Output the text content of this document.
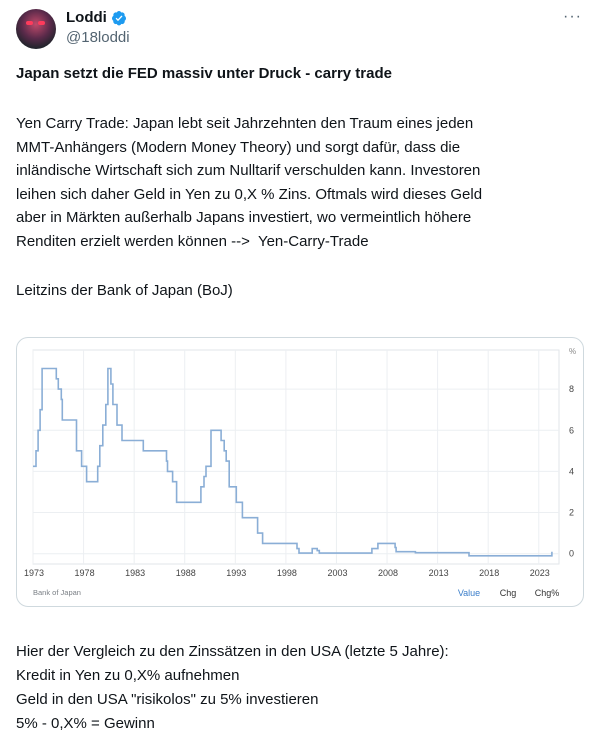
Loddi
@18loddi
···
Japan setzt die FED massiv unter Druck - carry trade
Yen Carry Trade: Japan lebt seit Jahrzehnten den Traum eines jeden
MMT-Anhängers (Modern Money Theory) und sorgt dafür, dass die
inländische Wirtschaft sich zum Nulltarif verschulden kann. Investoren
leihen sich daher Geld in Yen zu 0,X % Zins. Oftmals wird dieses Geld
aber in Märkten außerhalb Japans investiert, wo vermeintlich höhere
Renditen erzielt werden können -->  Yen-Carry-Trade
Leitzins der Bank of Japan (BoJ)
0
2
4
6
8
%
1973	1978	1983	1988	1993	1998	2003	2008	2013	2018	2023
Bank of Japan	Value Chg Chg%
Hier der Vergleich zu den Zinssätzen in den USA (letzte 5 Jahre):
Kredit in Yen zu 0,X% aufnehmen
Geld in den USA "risikolos" zu 5% investieren
5% - 0,X% = Gewinn
